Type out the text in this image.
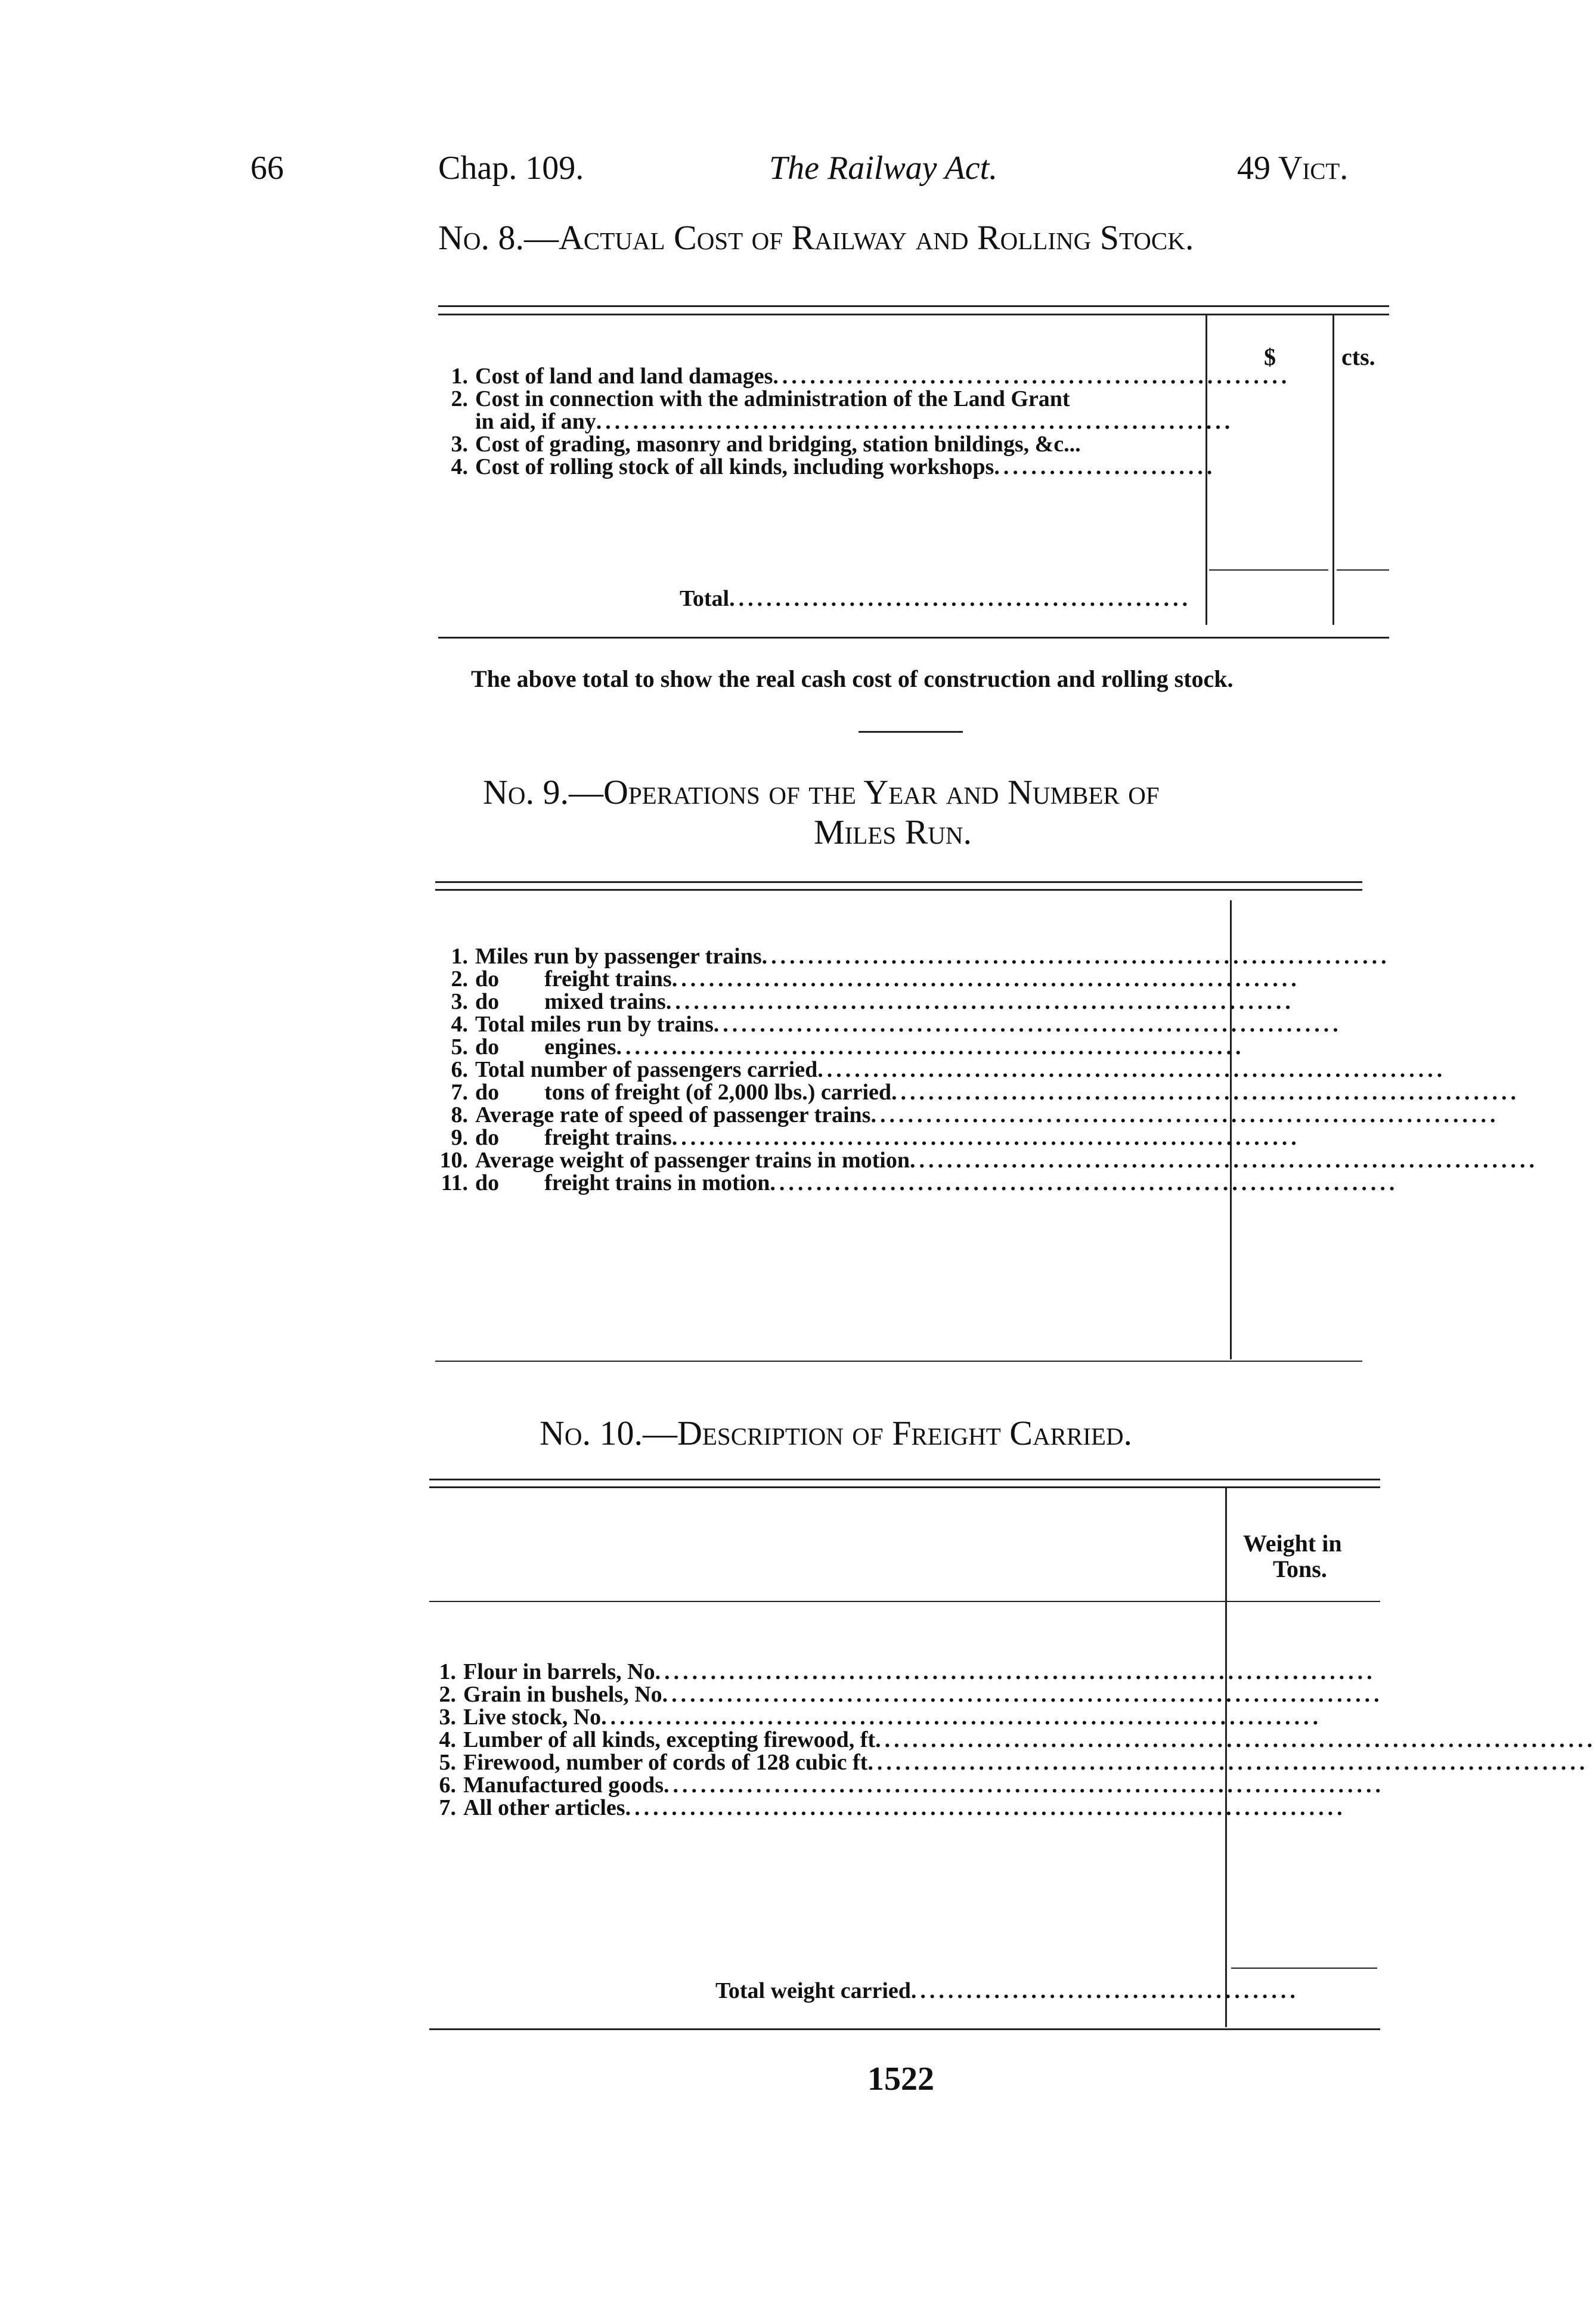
66	Chap. 109.	The Railway Act.	49 Vict.
No. 8.—Actual Cost of Railway and Rolling Stock.
$	cts.
1. Cost of land and land damages........................................................
2. Cost in connection with the administration of the Land Grant
in aid, if any.....................................................................
3. Cost of grading, masonry and bridging, station bnildings, &c...
4. Cost of rolling stock of all kinds, including workshops........................
Total..................................................
The above total to show the real cash cost of construction and rolling stock.
No. 9.—Operations of the Year and Number of
Miles Run.
1. Miles run by passenger trains....................................................................
2. do        freight trains....................................................................
3. do        mixed trains....................................................................
4. Total miles run by trains....................................................................
5. do        engines....................................................................
6. Total number of passengers carried....................................................................
7. do        tons of freight (of 2,000 lbs.) carried....................................................................
8. Average rate of speed of passenger trains....................................................................
9. do        freight trains....................................................................
10. Average weight of passenger trains in motion....................................................................
11. do        freight trains in motion....................................................................
No. 10.—Description of Freight Carried.
Weight in
Tons.
1. Flour in barrels, No..............................................................................
2. Grain in bushels, No..............................................................................
3. Live stock, No..............................................................................
4. Lumber of all kinds, excepting firewood, ft..............................................................................
5. Firewood, number of cords of 128 cubic ft..............................................................................
6. Manufactured goods..............................................................................
7. All other articles..............................................................................
Total weight carried..........................................
1522
